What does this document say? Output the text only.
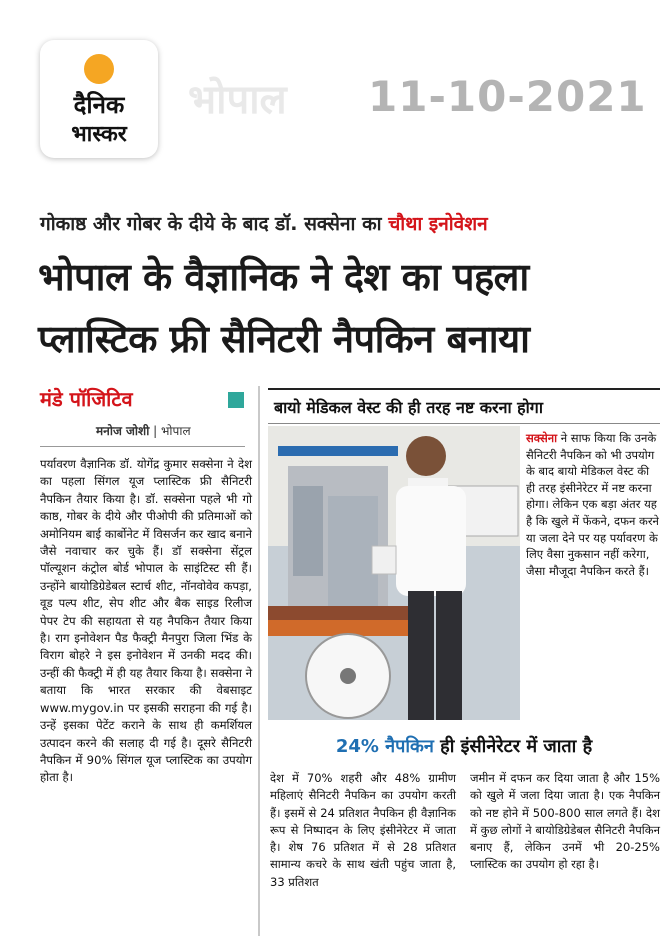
दैनिक
भास्कर
भोपाल 11-10-2021
गोकाष्ठ और गोबर के दीये के बाद डॉ. सक्सेना का चौथा इनोवेशन
भोपाल के वैज्ञानिक ने देश का पहला
प्लास्टिक फ्री सैनिटरी नैपकिन बनाया
मंडे पॉजिटिव
मनोज जोशी | भोपाल
पर्यावरण वैज्ञानिक डॉ. योगेंद्र कुमार सक्सेना ने देश का पहला सिंगल यूज प्लास्टिक फ्री सैनिटरी नैपकिन तैयार किया है। डॉ. सक्सेना पहले भी गो काष्ठ, गोबर के दीये और पीओपी की प्रतिमाओं को अमोनियम बाई कार्बोनेट में विसर्जन कर खाद बनाने जैसे नवाचार कर चुके हैं। डॉ सक्सेना सेंट्रल पॉल्यूशन कंट्रोल बोर्ड भोपाल के साइंटिस्ट सी हैं। उन्होंने बायोडिग्रेडेबल स्टार्च शीट, नॉनवोवेव कपड़ा, वूड पल्प शीट, सेप शीट और बैक साइड रिलीज पेपर टेप की सहायता से यह नैपकिन तैयार किया है। राग इनोवेशन पैड फैक्ट्री मैनपुरा जिला भिंड के विराग बोहरे ने इस इनोवेशन में उनकी मदद की। उन्हीं की फैक्ट्री में ही यह तैयार किया है। सक्सेना ने बताया कि भारत सरकार की वेबसाइट www.mygov.in पर इसकी सराहना की गई है। उन्हें इसका पेटेंट कराने के साथ ही कमर्शियल उत्पादन करने की सलाह दी गई है। दूसरे सैनिटरी नैपकिन में 90% सिंगल यूज प्लास्टिक का उपयोग होता है।
बायो मेडिकल वेस्ट की ही तरह नष्ट करना होगा
सक्सेना ने साफ किया कि उनके सैनिटरी नैपकिन को भी उपयोग के बाद बायो मेडिकल वेस्ट की ही तरह इंसीनेरेटर में नष्ट करना होगा। लेकिन एक बड़ा अंतर यह है कि खुले में फेंकने, दफन करने या जला देने पर यह पर्यावरण के लिए वैसा नुकसान नहीं करेगा, जैसा मौजूदा नैपकिन करते हैं।
24% नैपकिन ही इंसीनेरेटर में जाता है
देश में 70% शहरी और 48% ग्रामीण महिलाएं सैनिटरी नैपकिन का उपयोग करती हैं। इसमें से 24 प्रतिशत नैपकिन ही वैज्ञानिक रूप से निष्पादन के लिए इंसीनेरेटर में जाता है। शेष 76 प्रतिशत में से 28 प्रतिशत सामान्य कचरे के साथ खंती पहुंच जाता है, 33 प्रतिशत
जमीन में दफन कर दिया जाता है और 15% को खुले में जला दिया जाता है। एक नैपकिन को नष्ट होने में 500-800 साल लगते हैं। देश में कुछ लोगों ने बायोडिग्रेडेबल सैनिटरी नैपकिन बनाए हैं, लेकिन उनमें भी 20-25% प्लास्टिक का उपयोग हो रहा है।
